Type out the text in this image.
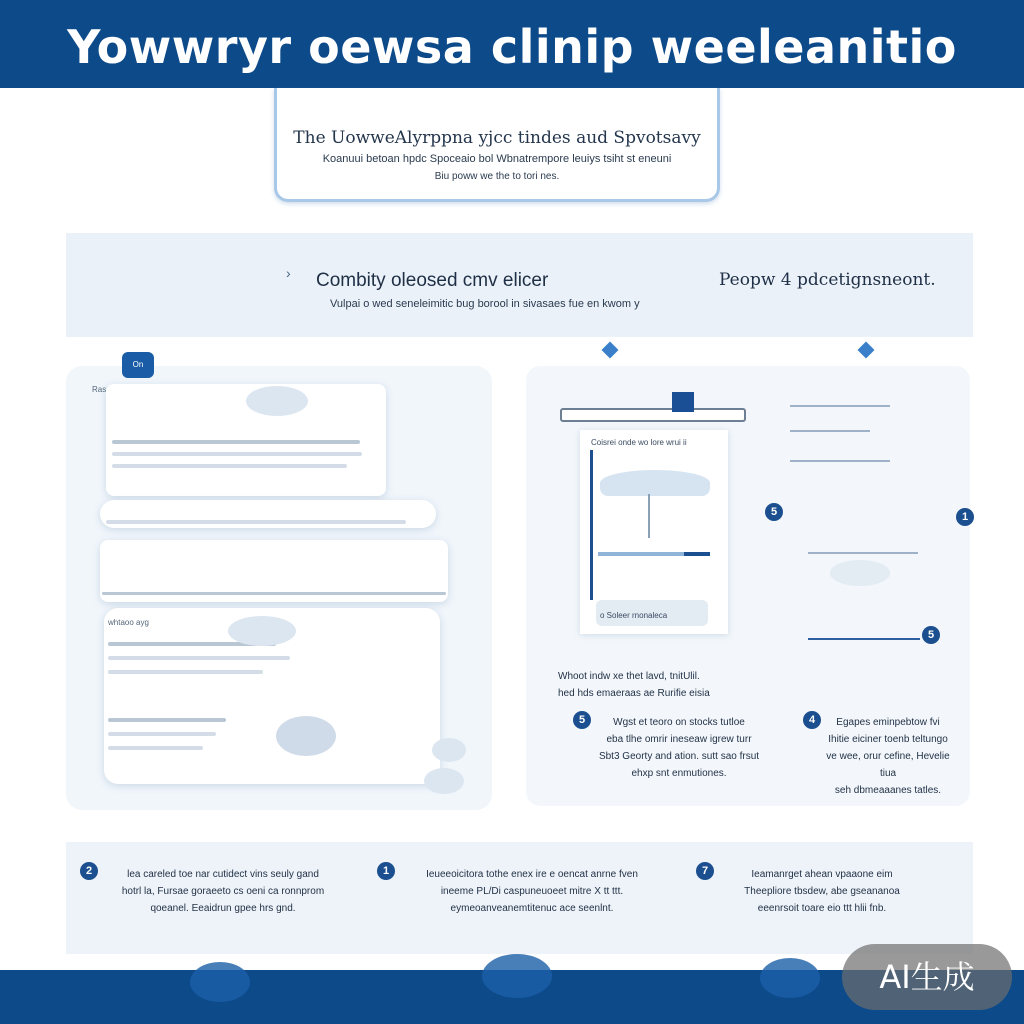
Yowwryr oewsa clinip weeleanitio
The UowweAlyrppna yjcc tindes aud Spvotsavy
Koanuui betoan hpdc Spoceaio bol Wbnatrempore leuiys tsiht st eneuni
Biu poww we the to tori nes.
› Combity oleosed cmv elicer	Peopw 4 pdcetignsneont.
Vulpai o wed seneleimitic bug borool in sivasaes fue en kwom y
On
Ras
whtaoo ayg
Coisrei onde wo lore wrui ii
o Soleer rnonaleca
5	1
5
Whoot indw xe thet lavd, tnitUlil.
hed hds emaeraas ae Rurifie eisia
5	Wgst et teoro on stocks tutloe
eba tlhe omrir ineseaw igrew turr
Sbt3 Georty and ation. sutt sao frsut
ehxp snt enmutiones.
4	Egapes eminpebtow fvi
Ihitie eiciner toenb teltungo
ve wee, orur cefine, Hevelie tiua
seh dbmeaaanes tatles.
2	lea careled toe nar cutidect vins seuly gand
hotrl la, Fursae goraeeto cs oeni ca ronnprom
qoeanel. Eeaidrun gpee hrs gnd.
1	Ieueeoicitora tothe enex ire e oencat anrne fven
ineeme PL/Di caspuneuoeet mitre X tt ttt.
eymeoanveanemtitenuc ace seenlnt.
7	Ieamanrget ahean vpaaone eim
Theepliore tbsdew, abe gseananoa
eeenrsoit toare eio ttt hlii fnb.
AI生成
